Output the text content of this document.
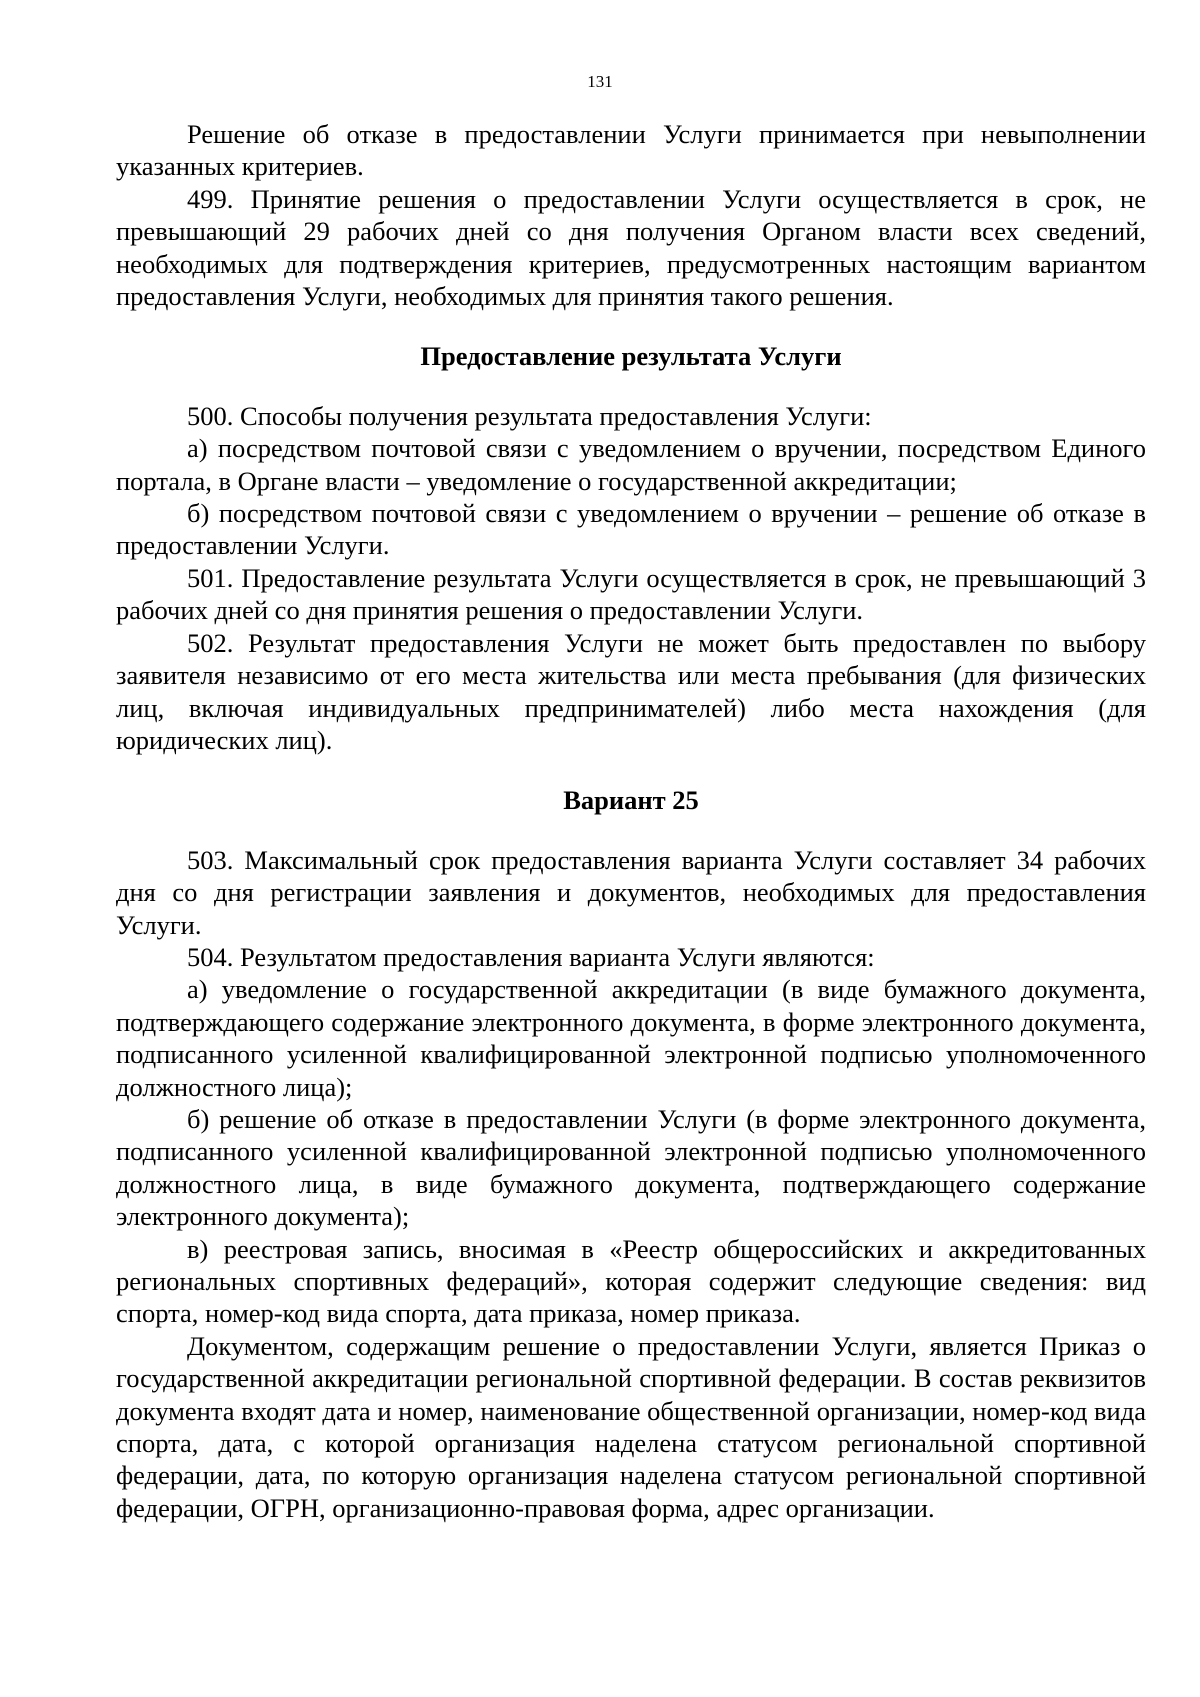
131

Решение об отказе в предоставлении Услуги принимается при невыполнении указанных критериев.

499. Принятие решения о предоставлении Услуги осуществляется в срок, не превышающий 29 рабочих дней со дня получения Органом власти всех сведений, необходимых для подтверждения критериев, предусмотренных настоящим вариантом предоставления Услуги, необходимых для принятия такого решения.

Предоставление результата Услуги

500. Способы получения результата предоставления Услуги:

а) посредством почтовой связи с уведомлением о вручении, посредством Единого портала, в Органе власти – уведомление о государственной аккредитации;

б) посредством почтовой связи с уведомлением о вручении – решение об отказе в предоставлении Услуги.

501. Предоставление результата Услуги осуществляется в срок, не превышающий 3 рабочих дней со дня принятия решения о предоставлении Услуги.

502. Результат предоставления Услуги не может быть предоставлен по выбору заявителя независимо от его места жительства или места пребывания (для физических лиц, включая индивидуальных предпринимателей) либо места нахождения (для юридических лиц).

Вариант 25

503. Максимальный срок предоставления варианта Услуги составляет 34 рабочих дня со дня регистрации заявления и документов, необходимых для предоставления Услуги.

504. Результатом предоставления варианта Услуги являются:

а) уведомление о государственной аккредитации (в виде бумажного документа, подтверждающего содержание электронного документа, в форме электронного документа, подписанного усиленной квалифицированной электронной подписью уполномоченного должностного лица);

б) решение об отказе в предоставлении Услуги (в форме электронного документа, подписанного усиленной квалифицированной электронной подписью уполномоченного должностного лица, в виде бумажного документа, подтверждающего содержание электронного документа);

в) реестровая запись, вносимая в «Реестр общероссийских и аккредитованных региональных спортивных федераций», которая содержит следующие сведения: вид спорта, номер-код вида спорта, дата приказа, номер приказа.

Документом, содержащим решение о предоставлении Услуги, является Приказ о государственной аккредитации региональной спортивной федерации. В состав реквизитов документа входят дата и номер, наименование общественной организации, номер-код вида спорта, дата, с которой организация наделена статусом региональной спортивной федерации, дата, по которую организация наделена статусом региональной спортивной федерации, ОГРН, организационно-правовая форма, адрес организации.
